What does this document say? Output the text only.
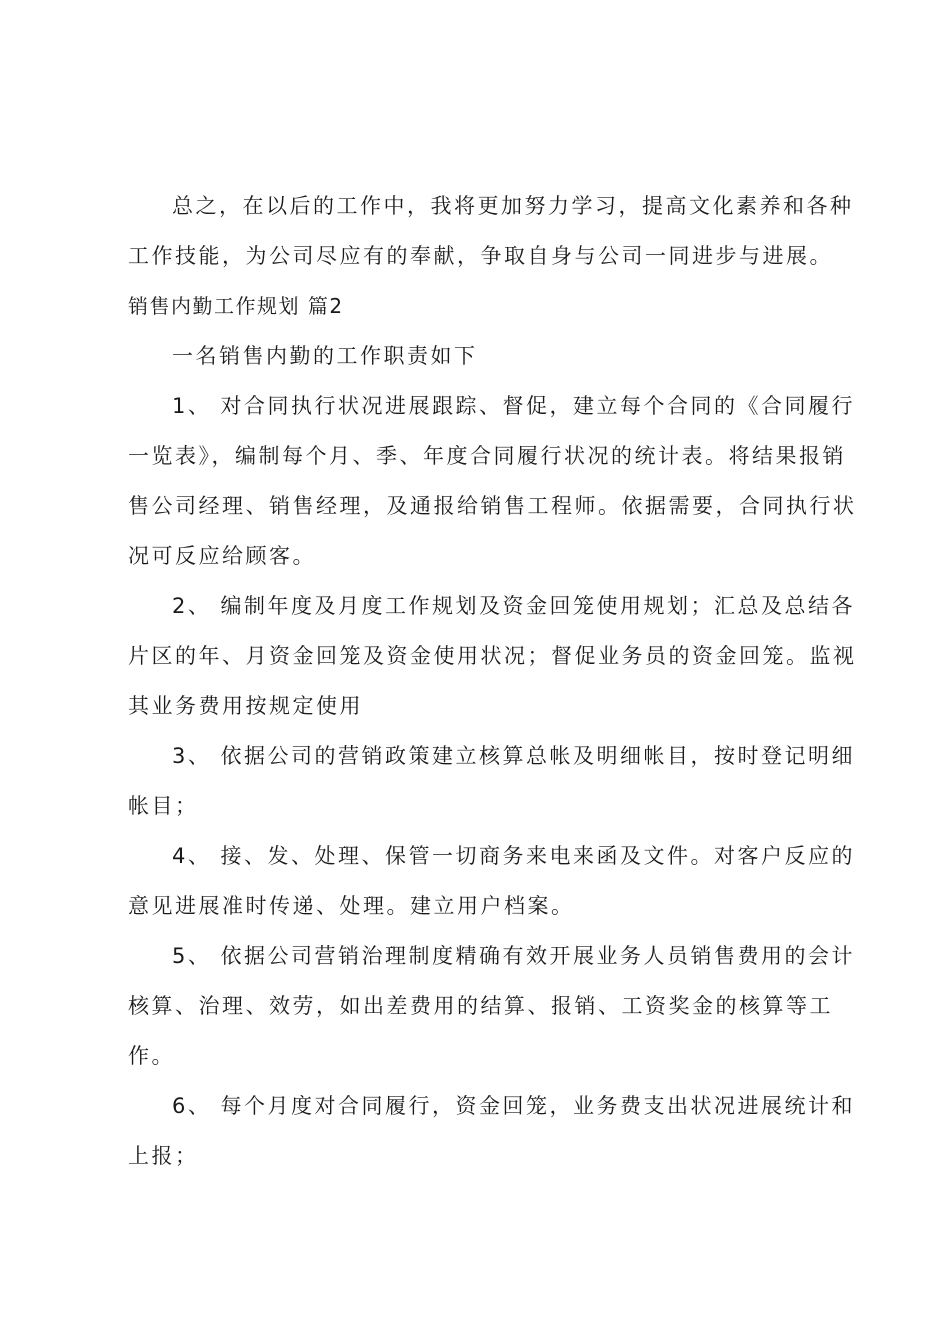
总之，在以后的工作中，我将更加努力学习，提高文化素养和各种
工作技能，为公司尽应有的奉献，争取自身与公司一同进步与进展。
销售内勤工作规划 篇2
一名销售内勤的工作职责如下
1、 对合同执行状况进展跟踪、督促，建立每个合同的《合同履行
一览表》，编制每个月、季、年度合同履行状况的统计表。将结果报销
售公司经理、销售经理，及通报给销售工程师。依据需要，合同执行状
况可反应给顾客。
2、 编制年度及月度工作规划及资金回笼使用规划；汇总及总结各
片区的年、月资金回笼及资金使用状况；督促业务员的资金回笼。监视
其业务费用按规定使用
3、 依据公司的营销政策建立核算总帐及明细帐目，按时登记明细
帐目；
4、 接、发、处理、保管一切商务来电来函及文件。对客户反应的
意见进展准时传递、处理。建立用户档案。
5、 依据公司营销治理制度精确有效开展业务人员销售费用的会计
核算、治理、效劳，如出差费用的结算、报销、工资奖金的核算等工
作。
6、 每个月度对合同履行，资金回笼，业务费支出状况进展统计和
上报；
